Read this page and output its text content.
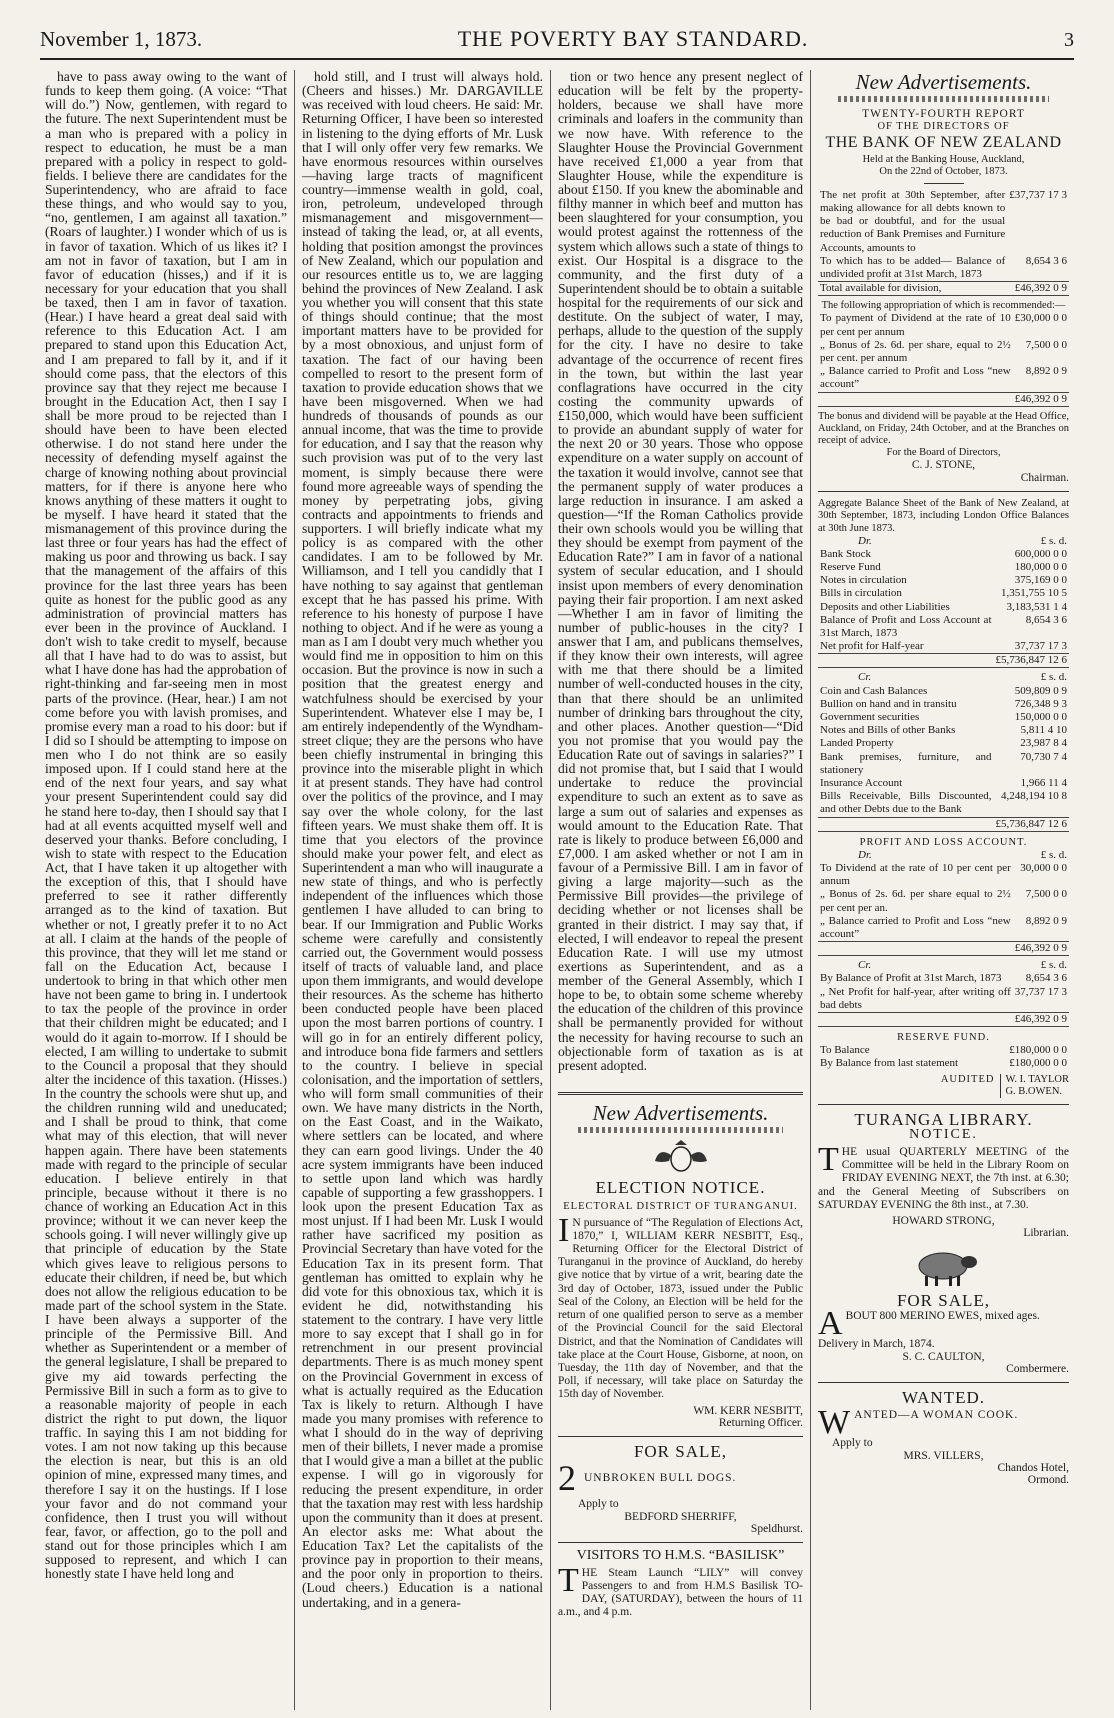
November 1, 1873.	THE POVERTY BAY STANDARD.	3

have to pass away owing to the want of funds to keep them going. (A voice: “That will do.”) Now, gentlemen, with regard to the future. The next Superintendent must be a man who is prepared with a policy in respect to education, he must be a man prepared with a policy in respect to gold-fields. I believe there are candidates for the Superintendency, who are afraid to face these things, and who would say to you, “no, gentlemen, I am against all taxation.” (Roars of laughter.) I wonder which of us is in favor of taxation. Which of us likes it? I am not in favor of taxation, but I am in favor of education (hisses,) and if it is necessary for your education that you shall be taxed, then I am in favor of taxation. (Hear.) I have heard a great deal said with reference to this Education Act. I am prepared to stand upon this Education Act, and I am prepared to fall by it, and if it should come pass, that the electors of this province say that they reject me because I brought in the Education Act, then I say I shall be more proud to be rejected than I should have been to have been elected otherwise. I do not stand here under the necessity of defending myself against the charge of knowing nothing about provincial matters, for if there is anyone here who knows anything of these matters it ought to be myself. I have heard it stated that the mismanagement of this province during the last three or four years has had the effect of making us poor and throwing us back. I say that the management of the affairs of this province for the last three years has been quite as honest for the public good as any administration of provincial matters has ever been in the province of Auckland. I don't wish to take credit to myself, because all that I have had to do was to assist, but what I have done has had the approbation of right-thinking and far-seeing men in most parts of the province. (Hear, hear.) I am not come before you with lavish promises, and promise every man a road to his door: but if I did so I should be attempting to impose on men who I do not think are so easily imposed upon. If I could stand here at the end of the next four years, and say what your present Superintendent could say did he stand here to-day, then I should say that I had at all events acquitted myself well and deserved your thanks. Before concluding, I wish to state with respect to the Education Act, that I have taken it up altogether with the exception of this, that I should have preferred to see it rather differently arranged as to the kind of taxation. But whether or not, I greatly prefer it to no Act at all. I claim at the hands of the people of this province, that they will let me stand or fall on the Education Act, because I undertook to bring in that which other men have not been game to bring in. I undertook to tax the people of the province in order that their children might be educated; and I would do it again to-morrow. If I should be elected, I am willing to undertake to submit to the Council a proposal that they should alter the incidence of this taxation. (Hisses.) In the country the schools were shut up, and the children running wild and uneducated; and I shall be proud to think, that come what may of this election, that will never happen again. There have been statements made with regard to the principle of secular education. I believe entirely in that principle, because without it there is no chance of working an Education Act in this province; without it we can never keep the schools going. I will never willingly give up that principle of education by the State which gives leave to religious persons to educate their children, if need be, but which does not allow the religious education to be made part of the school system in the State. I have been always a supporter of the principle of the Permissive Bill. And whether as Superintendent or a member of the general legislature, I shall be prepared to give my aid towards perfecting the Permissive Bill in such a form as to give to a reasonable majority of people in each district the right to put down, the liquor traffic. In saying this I am not bidding for votes. I am not now taking up this because the election is near, but this is an old opinion of mine, expressed many times, and therefore I say it on the hustings. If I lose your favor and do not command your confidence, then I trust you will without fear, favor, or affection, go to the poll and stand out for those principles which I am supposed to represent, and which I can honestly state I have held long and

hold still, and I trust will always hold. (Cheers and hisses.) Mr. DARGAVILLE was received with loud cheers. He said: Mr. Returning Officer, I have been so interested in listening to the dying efforts of Mr. Lusk that I will only offer very few remarks. We have enormous resources within ourselves—having large tracts of magnificent country—immense wealth in gold, coal, iron, petroleum, undeveloped through mismanagement and misgovernment—instead of taking the lead, or, at all events, holding that position amongst the provinces of New Zealand, which our population and our resources entitle us to, we are lagging behind the provinces of New Zealand. I ask you whether you will consent that this state of things should continue; that the most important matters have to be provided for by a most obnoxious, and unjust form of taxation. The fact of our having been compelled to resort to the present form of taxation to provide education shows that we have been misgoverned. When we had hundreds of thousands of pounds as our annual income, that was the time to provide for education, and I say that the reason why such provision was put of to the very last moment, is simply because there were found more agreeable ways of spending the money by perpetrating jobs, giving contracts and appointments to friends and supporters. I will briefly indicate what my policy is as compared with the other candidates. I am to be followed by Mr. Williamson, and I tell you candidly that I have nothing to say against that gentleman except that he has passed his prime. With reference to his honesty of purpose I have nothing to object. And if he were as young a man as I am I doubt very much whether you would find me in opposition to him on this occasion. But the province is now in such a position that the greatest energy and watchfulness should be exercised by your Superintendent. Whatever else I may be, I am entirely independently of the Wyndham-street clique; they are the persons who have been chiefly instrumental in bringing this province into the miserable plight in which it at present stands. They have had control over the politics of the province, and I may say over the whole colony, for the last fifteen years. We must shake them off. It is time that you electors of the province should make your power felt, and elect as Superintendent a man who will inaugurate a new state of things, and who is perfectly independent of the influences which those gentlemen I have alluded to can bring to bear. If our Immigration and Public Works scheme were carefully and consistently carried out, the Government would possess itself of tracts of valuable land, and place upon them immigrants, and would develope their resources. As the scheme has hitherto been conducted people have been placed upon the most barren portions of country. I will go in for an entirely different policy, and introduce bona fide farmers and settlers to the country. I believe in special colonisation, and the importation of settlers, who will form small communities of their own. We have many districts in the North, on the East Coast, and in the Waikato, where settlers can be located, and where they can earn good livings. Under the 40 acre system immigrants have been induced to settle upon land which was hardly capable of supporting a few grasshoppers. I look upon the present Education Tax as most unjust. If I had been Mr. Lusk I would rather have sacrificed my position as Provincial Secretary than have voted for the Education Tax in its present form. That gentleman has omitted to explain why he did vote for this obnoxious tax, which it is evident he did, notwithstanding his statement to the contrary. I have very little more to say except that I shall go in for retrenchment in our present provincial departments. There is as much money spent on the Provincial Government in excess of what is actually required as the Education Tax is likely to return. Although I have made you many promises with reference to what I should do in the way of depriving men of their billets, I never made a promise that I would give a man a billet at the public expense. I will go in vigorously for reducing the present expenditure, in order that the taxation may rest with less hardship upon the community than it does at present. An elector asks me: What about the Education Tax? Let the capitalists of the province pay in proportion to their means, and the poor only in proportion to theirs. (Loud cheers.) Education is a national undertaking, and in a genera-

tion or two hence any present neglect of education will be felt by the property-holders, because we shall have more criminals and loafers in the community than we now have. With reference to the Slaughter House the Provincial Government have received £1,000 a year from that Slaughter House, while the expenditure is about £150. If you knew the abominable and filthy manner in which beef and mutton has been slaughtered for your consumption, you would protest against the rottenness of the system which allows such a state of things to exist. Our Hospital is a disgrace to the community, and the first duty of a Superintendent should be to obtain a suitable hospital for the requirements of our sick and destitute. On the subject of water, I may, perhaps, allude to the question of the supply for the city. I have no desire to take advantage of the occurrence of recent fires in the town, but within the last year conflagrations have occurred in the city costing the community upwards of £150,000, which would have been sufficient to provide an abundant supply of water for the next 20 or 30 years. Those who oppose expenditure on a water supply on account of the taxation it would involve, cannot see that the permanent supply of water produces a large reduction in insurance. I am asked a question—“If the Roman Catholics provide their own schools would you be willing that they should be exempt from payment of the Education Rate?” I am in favor of a national system of secular education, and I should insist upon members of every denomination paying their fair proportion. I am next asked—Whether I am in favor of limiting the number of public-houses in the city? I answer that I am, and publicans themselves, if they know their own interests, will agree with me that there should be a limited number of well-conducted houses in the city, than that there should be an unlimited number of drinking bars throughout the city, and other places. Another question—“Did you not promise that you would pay the Education Rate out of savings in salaries?” I did not promise that, but I said that I would undertake to reduce the provincial expenditure to such an extent as to save as large a sum out of salaries and expenses as would amount to the Education Rate. That rate is likely to produce between £6,000 and £7,000. I am asked whether or not I am in favour of a Permissive Bill. I am in favor of giving a large majority—such as the Permissive Bill provides—the privilege of deciding whether or not licenses shall be granted in their district. I may say that, if elected, I will endeavor to repeal the present Education Rate. I will use my utmost exertions as Superintendent, and as a member of the General Assembly, which I hope to be, to obtain some scheme whereby the education of the children of this province shall be permanently provided for without the necessity for having recourse to such an objectionable form of taxation as is at present adopted.

New Advertisements.
ELECTION NOTICE.
ELECTORAL DISTRICT OF TURANGANUI.
I N pursuance of “The Regulation of Elections Act, 1870,” I, WILLIAM KERR NESBITT, Esq., Returning Officer for the Electoral District of Turanganui in the province of Auckland, do hereby give notice that by virtue of a writ, bearing date the 3rd day of October, 1873, issued under the Public Seal of the Colony, an Election will be held for the return of one qualified person to serve as a member of the Provincial Council for the said Electoral District, and that the Nomination of Candidates will take place at the Court House, Gisborne, at noon, on Tuesday, the 11th day of November, and that the Poll, if necessary, will take place on Saturday the 15th day of November.
WM. KERR NESBITT,
Returning Officer.
FOR SALE,
2 UNBROKEN BULL DOGS.
Apply to
BEDFORD SHERRIFF,
Speldhurst.
VISITORS TO H.M.S. “BASILISK”
THE Steam Launch “LILY” will convey Passengers to and from H.M.S Basilisk TO-DAY, (SATURDAY), between the hours of 11 a.m., and 4 p.m.
New Advertisements.
TWENTY-FOURTH REPORT
OF THE DIRECTORS OF
THE BANK OF NEW ZEALAND
Held at the Banking House, Auckland,
On the 22nd of October, 1873.
The net profit at 30th September, after making allowance for all debts known to be bad or doubtful, and for the usual reduction of Bank Premises and Furniture Accounts, amounts to	£37,737 17 3
To which has to be added— Balance of undivided profit at 31st March, 1873	8,654 3 6
Total available for division,	£46,392 0 9
The following appropriation of which is recommended:—
To payment of Dividend at the rate of 10 per cent per annum	£30,000 0 0
„ Bonus of 2s. 6d. per share, equal to 2½ per cent. per annum	7,500 0 0
„ Balance carried to Profit and Loss “new account”	8,892 0 9
	£46,392 0 9
The bonus and dividend will be payable at the Head Office, Auckland, on Friday, 24th October, and at the Branches on receipt of advice.
For the Board of Directors,
C. J. STONE,
Chairman.
Aggregate Balance Sheet of the Bank of New Zealand, at 30th September, 1873, including London Office Balances at 30th June 1873.
Dr.	£ s. d.
Bank Stock	600,000 0 0
Reserve Fund	180,000 0 0
Notes in circulation	375,169 0 0
Bills in circulation	1,351,755 10 5
Deposits and other Liabilities	3,183,531 1 4
Balance of Profit and Loss Account at 31st March, 1873	8,654 3 6
Net profit for Half-year	37,737 17 3
	£5,736,847 12 6
Cr.	£ s. d.
Coin and Cash Balances	509,809 0 9
Bullion on hand and in transitu	726,348 9 3
Government securities	150,000 0 0
Notes and Bills of other Banks	5,811 4 10
Landed Property	23,987 8 4
Bank premises, furniture, and stationery	70,730 7 4
Insurance Account	1,966 11 4
Bills Receivable, Bills Discounted, and other Debts due to the Bank	4,248,194 10 8
	£5,736,847 12 6
PROFIT AND LOSS ACCOUNT.
Dr.	£ s. d.
To Dividend at the rate of 10 per cent per annum	30,000 0 0
„ Bonus of 2s. 6d. per share equal to 2½ per cent per an.	7,500 0 0
„ Balance carried to Profit and Loss “new account”	8,892 0 9
	£46,392 0 9
Cr.	£ s. d.
By Balance of Profit at 31st March, 1873	8,654 3 6
„ Net Profit for half-year, after writing off bad debts	37,737 17 3
	£46,392 0 9
RESERVE FUND.
To Balance	£180,000 0 0
By Balance from last statement	£180,000 0 0
AUDITED W. I. TAYLOR
G. B.OWEN.
TURANGA LIBRARY.
NOTICE.
THE usual QUARTERLY MEETING of the Committee will be held in the Library Room on FRIDAY EVENING NEXT, the 7th inst. at 6.30; and the General Meeting of Subscribers on SATURDAY EVENING the 8th inst., at 7.30.
HOWARD STRONG,
Librarian.
FOR SALE,
ABOUT 800 MERINO EWES, mixed ages.
Delivery in March, 1874.
S. C. CAULTON,
Combermere.
WANTED.
WANTED—A WOMAN COOK.
Apply to
MRS. VILLERS,
Chandos Hotel,
Ormond.
